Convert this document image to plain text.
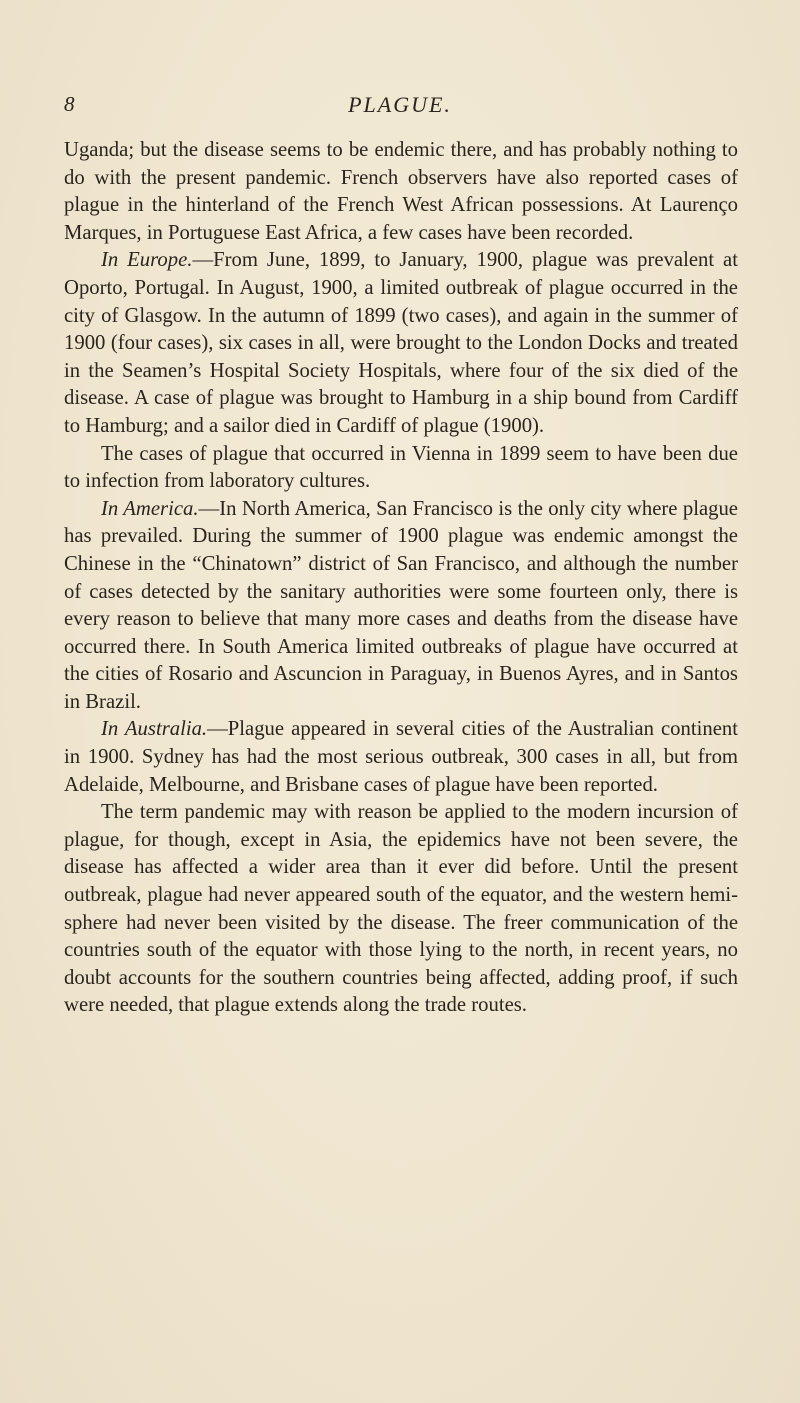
8	PLAGUE.

Uganda; but the disease seems to be endemic there, and has probably nothing to do with the present pandemic. French observers have also reported cases of plague in the hinterland of the French West African possessions. At Laurenço Marques, in Portuguese East Africa, a few cases have been recorded.

In Europe.—From June, 1899, to January, 1900, plague was prevalent at Oporto, Portugal. In August, 1900, a limited outbreak of plague occurred in the city of Glasgow. In the autumn of 1899 (two cases), and again in the summer of 1900 (four cases), six cases in all, were brought to the London Docks and treated in the Seamen’s Hospital Society Hospitals, where four of the six died of the disease. A case of plague was brought to Hamburg in a ship bound from Cardiff to Hamburg; and a sailor died in Cardiff of plague (1900).

The cases of plague that occurred in Vienna in 1899 seem to have been due to infection from laboratory cultures.

In America.—In North America, San Francisco is the only city where plague has prevailed. During the summer of 1900 plague was endemic amongst the Chinese in the “Chinatown” district of San Francisco, and although the number of cases detected by the sanitary authorities were some fourteen only, there is every reason to believe that many more cases and deaths from the disease have occurred there. In South America limited outbreaks of plague have occurred at the cities of Rosario and Ascuncion in Paraguay, in Buenos Ayres, and in Santos in Brazil.

In Australia.—Plague appeared in several cities of the Australian continent in 1900. Sydney has had the most serious outbreak, 300 cases in all, but from Adelaide, Melbourne, and Brisbane cases of plague have been reported.

The term pandemic may with reason be applied to the modern incursion of plague, for though, except in Asia, the epidemics have not been severe, the disease has affected a wider area than it ever did before. Until the present outbreak, plague had never appeared south of the equator, and the western hemisphere had never been visited by the disease. The freer communication of the countries south of the equator with those lying to the north, in recent years, no doubt accounts for the southern countries being affected, adding proof, if such were needed, that plague extends along the trade routes.
